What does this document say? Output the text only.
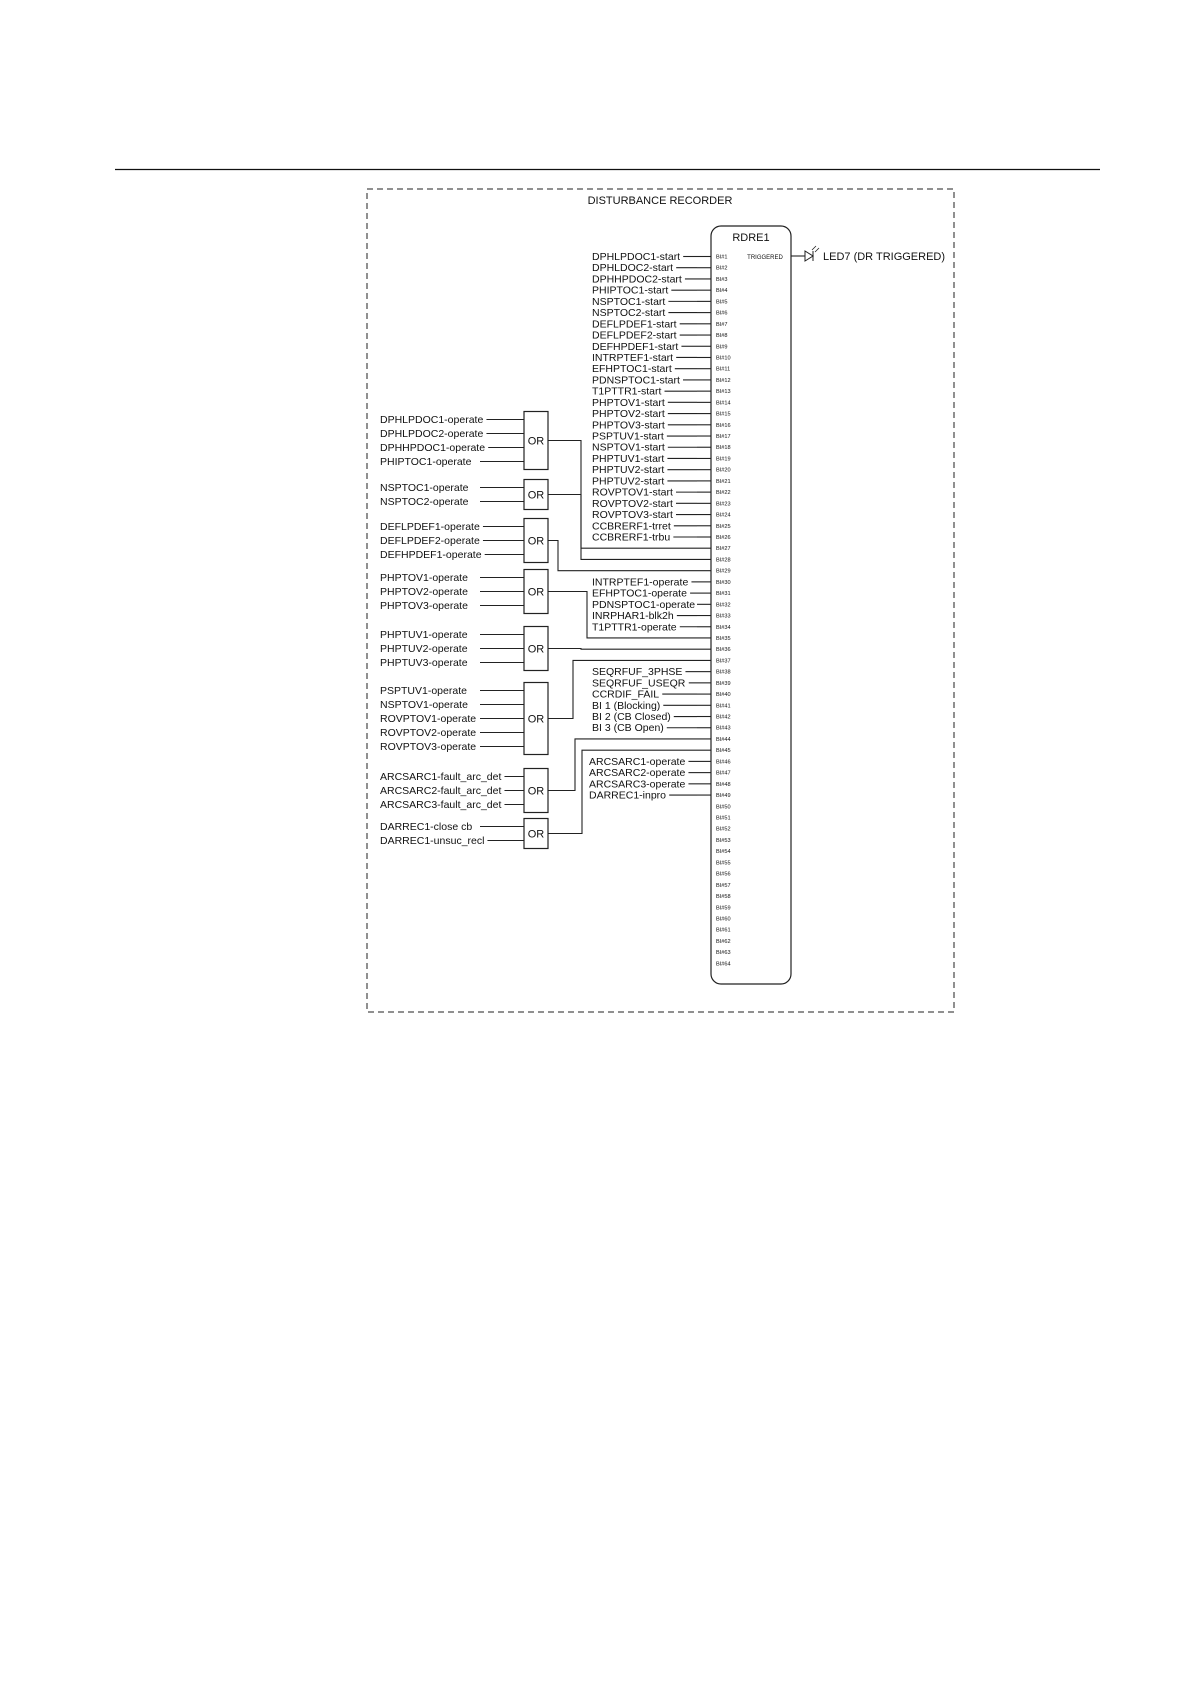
DISTURBANCE RECORDER
RDRE1
TRIGGERED	LED7 (DR TRIGGERED)
BI#1
BI#2
BI#3
BI#4
BI#5
BI#6
BI#7
BI#8
BI#9
BI#10
BI#11
BI#12
BI#13
BI#14
BI#15
BI#16
BI#17
BI#18
BI#19
BI#20
BI#21
BI#22
BI#23
BI#24
BI#25
BI#26
BI#27
BI#28
BI#29
BI#30
BI#31
BI#32
BI#33
BI#34
BI#35
BI#36
BI#37
BI#38
BI#39
BI#40
BI#41
BI#42
BI#43
BI#44
BI#45
BI#46
BI#47
BI#48
BI#49
BI#50
BI#51
BI#52
BI#53
BI#54
BI#55
BI#56
BI#57
BI#58
BI#59
BI#60
BI#61
BI#62
BI#63
BI#64
DPHLPDOC1-start
DPHLDOC2-start
DPHHPDOC2-start
PHIPTOC1-start
NSPTOC1-start
NSPTOC2-start
DEFLPDEF1-start
DEFLPDEF2-start
DEFHPDEF1-start
INTRPTEF1-start
EFHPTOC1-start
PDNSPTOC1-start
T1PTTR1-start
PHPTOV1-start
PHPTOV2-start
PHPTOV3-start
PSPTUV1-start
NSPTOV1-start
PHPTUV1-start
PHPTUV2-start
PHPTUV2-start
ROVPTOV1-start
ROVPTOV2-start
ROVPTOV3-start
CCBRERF1-trret
CCBRERF1-trbu
INTRPTEF1-operate
EFHPTOC1-operate
PDNSPTOC1-operate
INRPHAR1-blk2h
T1PTTR1-operate
SEQRFUF_3PHSE
SEQRFUF_USEQR
CCRDIF_FAIL
BI 1 (Blocking)
BI 2 (CB Closed)
BI 3 (CB Open)
ARCSARC1-operate
ARCSARC2-operate
ARCSARC3-operate
DARREC1-inpro
OR
DPHLPDOC1-operate
DPHLPDOC2-operate
DPHHPDOC1-operate
PHIPTOC1-operate
OR
NSPTOC1-operate
NSPTOC2-operate
OR
DEFLPDEF1-operate
DEFLPDEF2-operate
DEFHPDEF1-operate
OR
PHPTOV1-operate
PHPTOV2-operate
PHPTOV3-operate
OR
PHPTUV1-operate
PHPTUV2-operate
PHPTUV3-operate
OR
PSPTUV1-operate
NSPTOV1-operate
ROVPTOV1-operate
ROVPTOV2-operate
ROVPTOV3-operate
OR
ARCSARC1-fault_arc_det
ARCSARC2-fault_arc_det
ARCSARC3-fault_arc_det
OR
DARREC1-close cb
DARREC1-unsuc_recl
